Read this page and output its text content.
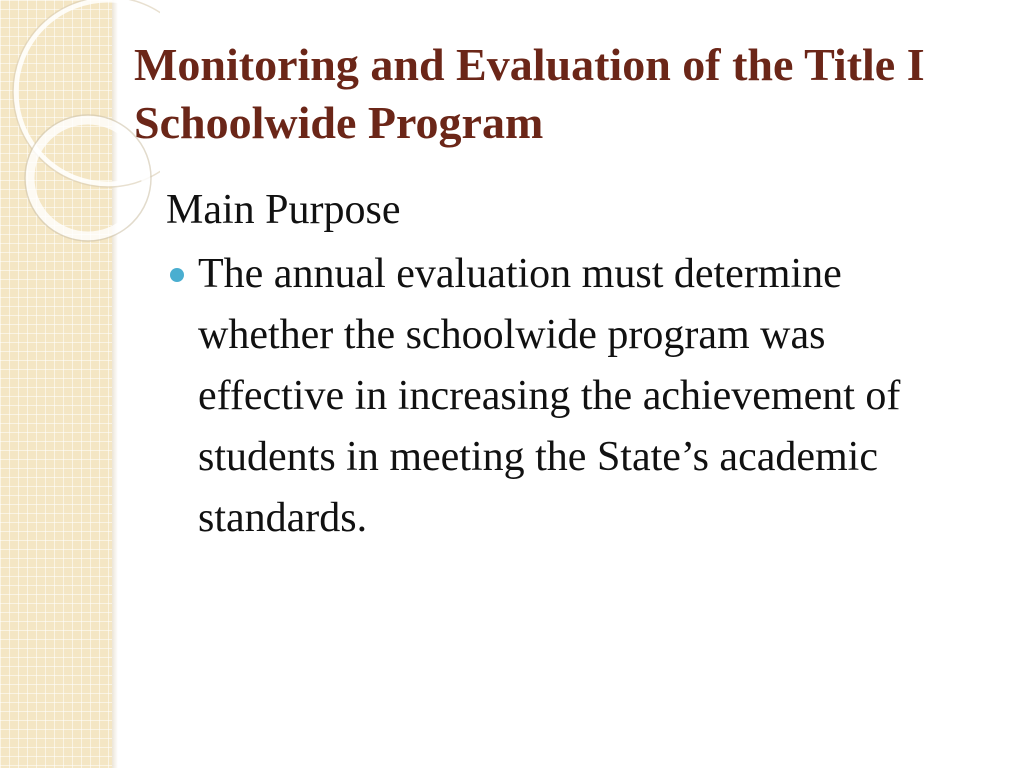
Monitoring and Evaluation of the Title I Schoolwide Program

Main Purpose

The annual evaluation must determine whether the schoolwide program was effective in increasing the achievement of students in meeting the State’s academic standards.
